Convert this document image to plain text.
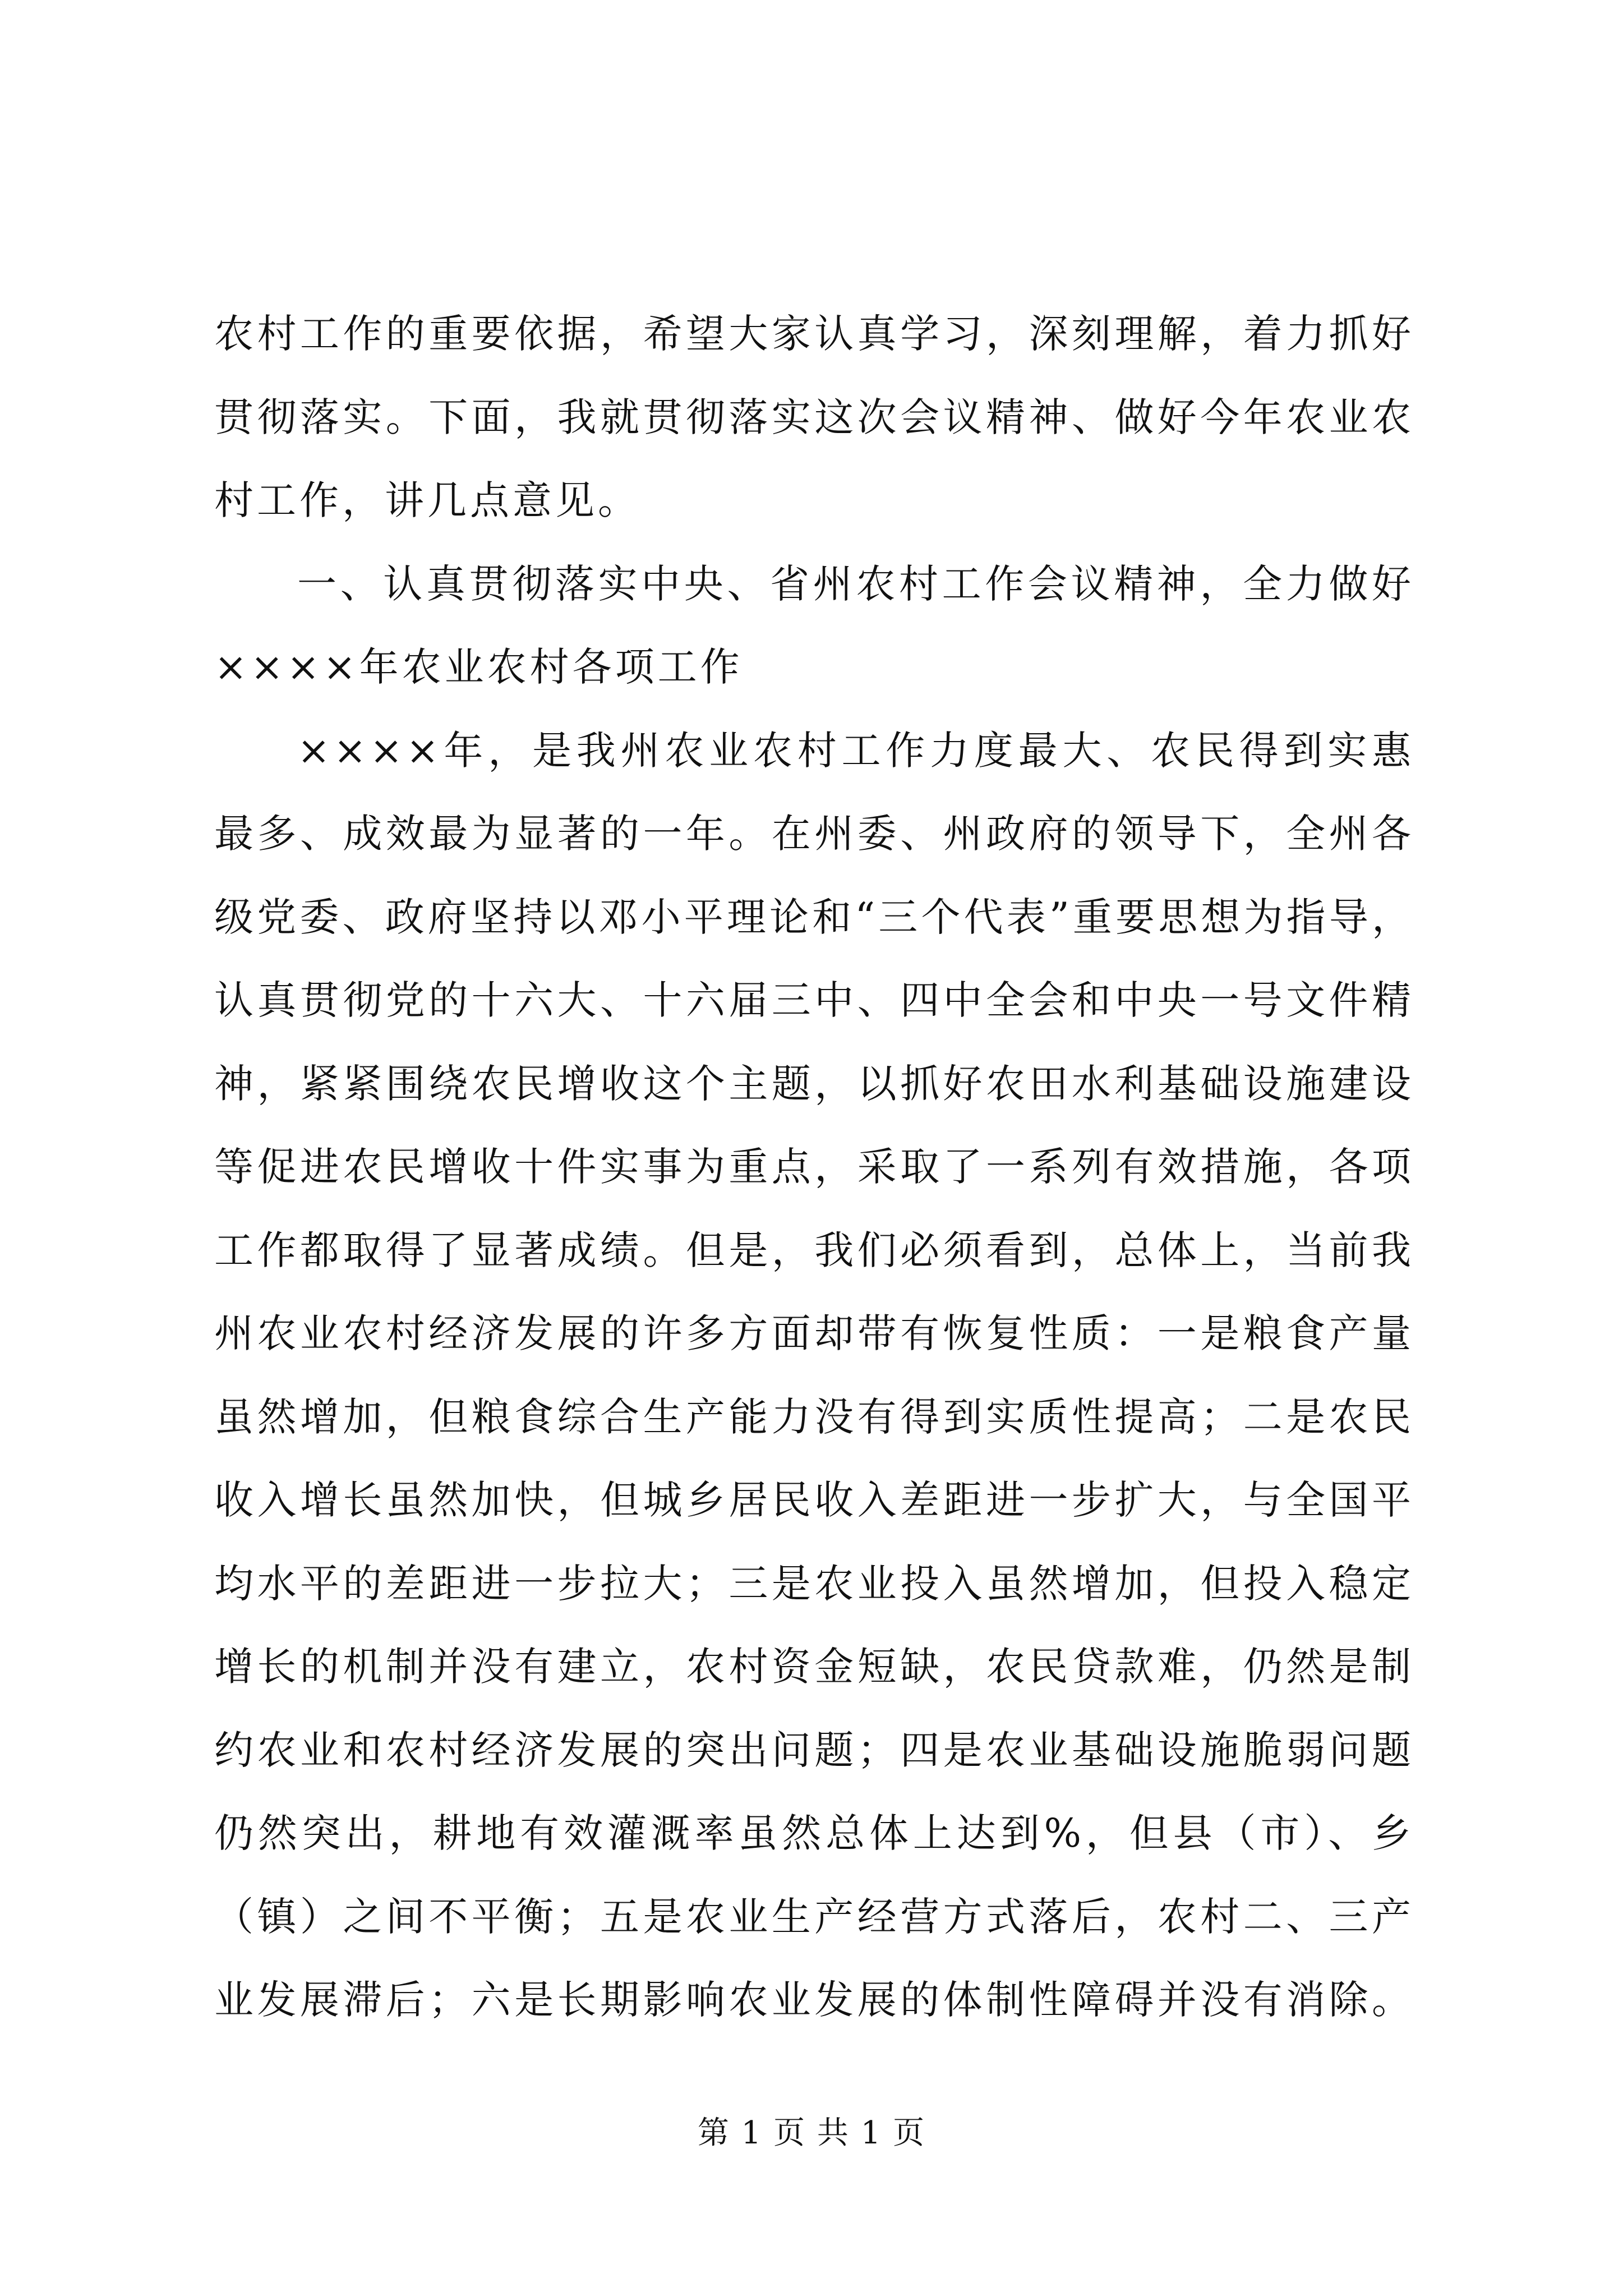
农村工作的重要依据，希望大家认真学习，深刻理解，着力抓好
贯彻落实。下面，我就贯彻落实这次会议精神、做好今年农业农
村工作，讲几点意见。
一、认真贯彻落实中央、省州农村工作会议精神，全力做好
××××年农业农村各项工作
××××年，是我州农业农村工作力度最大、农民得到实惠
最多、成效最为显著的一年。在州委、州政府的领导下，全州各
级党委、政府坚持以邓小平理论和“三个代表”重要思想为指导，
认真贯彻党的十六大、十六届三中、四中全会和中央一号文件精
神，紧紧围绕农民增收这个主题，以抓好农田水利基础设施建设
等促进农民增收十件实事为重点，采取了一系列有效措施，各项
工作都取得了显著成绩。但是，我们必须看到，总体上，当前我
州农业农村经济发展的许多方面却带有恢复性质：一是粮食产量
虽然增加，但粮食综合生产能力没有得到实质性提高；二是农民
收入增长虽然加快，但城乡居民收入差距进一步扩大，与全国平
均水平的差距进一步拉大；三是农业投入虽然增加，但投入稳定
增长的机制并没有建立，农村资金短缺，农民贷款难，仍然是制
约农业和农村经济发展的突出问题；四是农业基础设施脆弱问题
仍然突出，耕地有效灌溉率虽然总体上达到%，但县（市）、乡
（镇）之间不平衡；五是农业生产经营方式落后，农村二、三产
业发展滞后；六是长期影响农业发展的体制性障碍并没有消除。
第 1 页 共 1 页
